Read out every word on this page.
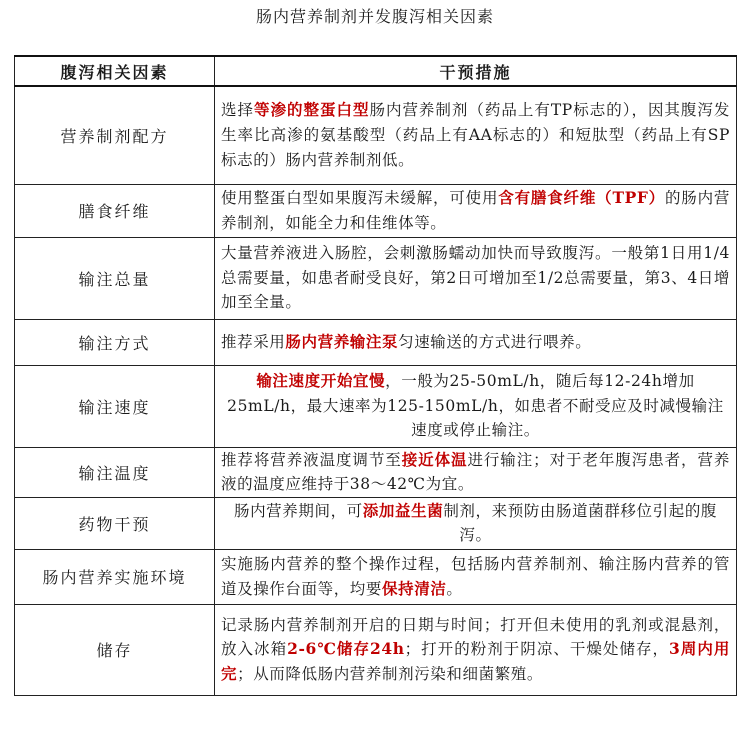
肠内营养制剂并发腹泻相关因素
腹泻相关因素	干预措施
营养制剂配方	选择等渗的整蛋白型肠内营养制剂（药品上有TP标志的），因其腹泻发生率比高渗的氨基酸型（药品上有AA标志的）和短肽型（药品上有SP标志的）肠内营养制剂低。
膳食纤维	使用整蛋白型如果腹泻未缓解，可使用含有膳食纤维（TPF）的肠内营养制剂，如能全力和佳维体等。
输注总量	大量营养液进入肠腔，会刺激肠蠕动加快而导致腹泻。一般第1日用1/4总需要量，如患者耐受良好，第2日可增加至1/2总需要量，第3、4日增加至全量。
输注方式	推荐采用肠内营养输注泵匀速输送的方式进行喂养。
输注速度	输注速度开始宜慢，一般为25-50mL/h，随后每12-24h增加25mL/h，最大速率为125-150mL/h，如患者不耐受应及时减慢输注速度或停止输注。
输注温度	推荐将营养液温度调节至接近体温进行输注；对于老年腹泻患者，营养液的温度应维持于38～42℃为宜。
药物干预	肠内营养期间，可添加益生菌制剂，来预防由肠道菌群移位引起的腹泻。
肠内营养实施环境	实施肠内营养的整个操作过程，包括肠内营养制剂、输注肠内营养的管道及操作台面等，均要保持清洁。
储存	记录肠内营养制剂开启的日期与时间；打开但未使用的乳剂或混悬剂，放入冰箱2-6℃储存24h；打开的粉剂于阴凉、干燥处储存，3周内用完；从而降低肠内营养制剂污染和细菌繁殖。
